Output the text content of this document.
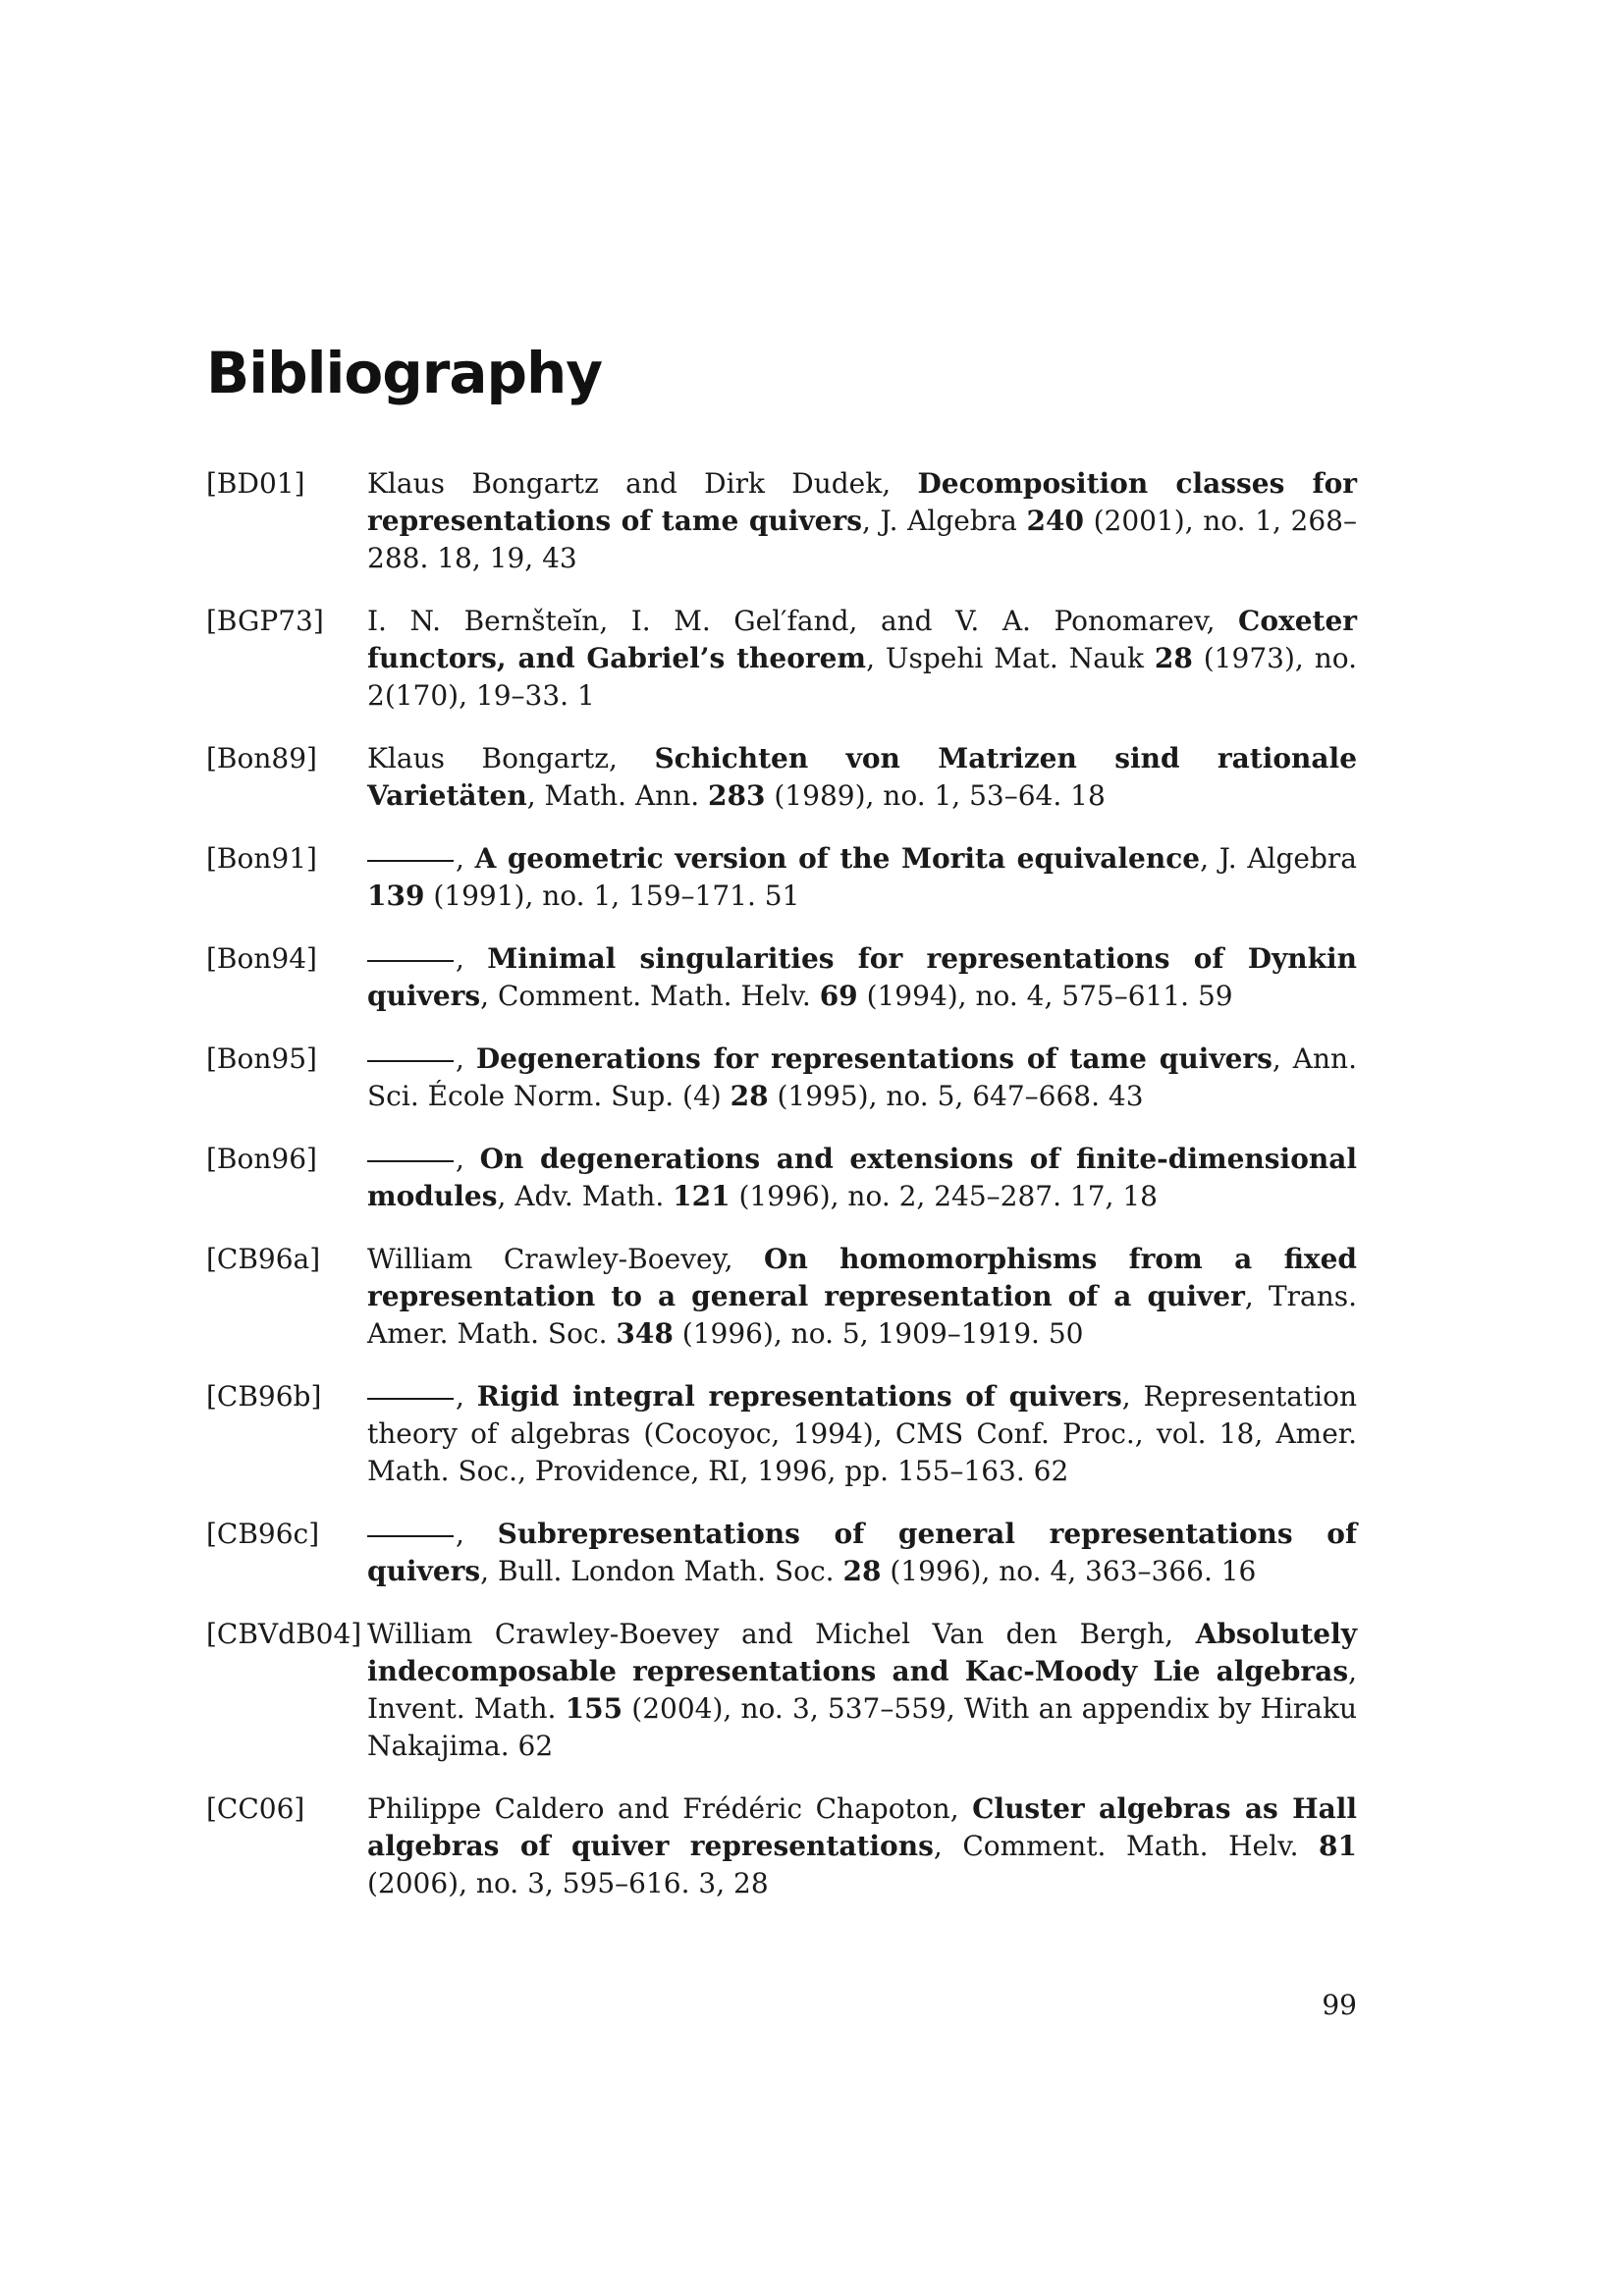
Bibliography
[BD01] Klaus Bongartz and Dirk Dudek, Decomposition classes for representations of tame quivers, J. Algebra 240 (2001), no. 1, 268–288. 18, 19, 43
[BGP73] I. N. Bernšteĭn, I. M. Gel′fand, and V. A. Ponomarev, Coxeter functors, and Gabriel’s theorem, Uspehi Mat. Nauk 28 (1973), no. 2(170), 19–33. 1
[Bon89] Klaus Bongartz, Schichten von Matrizen sind rationale Varietäten, Math. Ann. 283 (1989), no. 1, 53–64. 18
[Bon91]	, A geometric version of the Morita equivalence, J. Algebra 139 (1991), no. 1, 159–171. 51
[Bon94]	, Minimal singularities for representations of Dynkin quivers, Comment. Math. Helv. 69 (1994), no. 4, 575–611. 59
[Bon95]	, Degenerations for representations of tame quivers, Ann. Sci. École Norm. Sup. (4) 28 (1995), no. 5, 647–668. 43
[Bon96]	, On degenerations and extensions of finite-dimensional modules, Adv. Math. 121 (1996), no. 2, 245–287. 17, 18
[CB96a] William Crawley-Boevey, On homomorphisms from a fixed representation to a general representation of a quiver, Trans. Amer. Math. Soc. 348 (1996), no. 5, 1909–1919. 50
[CB96b]	, Rigid integral representations of quivers, Representation theory of algebras (Cocoyoc, 1994), CMS Conf. Proc., vol. 18, Amer. Math. Soc., Providence, RI, 1996, pp. 155–163. 62
[CB96c]	, Subrepresentations of general representations of quivers, Bull. London Math. Soc. 28 (1996), no. 4, 363–366. 16
[CBVdB04] William Crawley-Boevey and Michel Van den Bergh, Absolutely indecomposable representations and Kac-Moody Lie algebras, Invent. Math. 155 (2004), no. 3, 537–559, With an appendix by Hiraku Nakajima. 62
[CC06] Philippe Caldero and Frédéric Chapoton, Cluster algebras as Hall algebras of quiver representations, Comment. Math. Helv. 81 (2006), no. 3, 595–616. 3, 28
99
